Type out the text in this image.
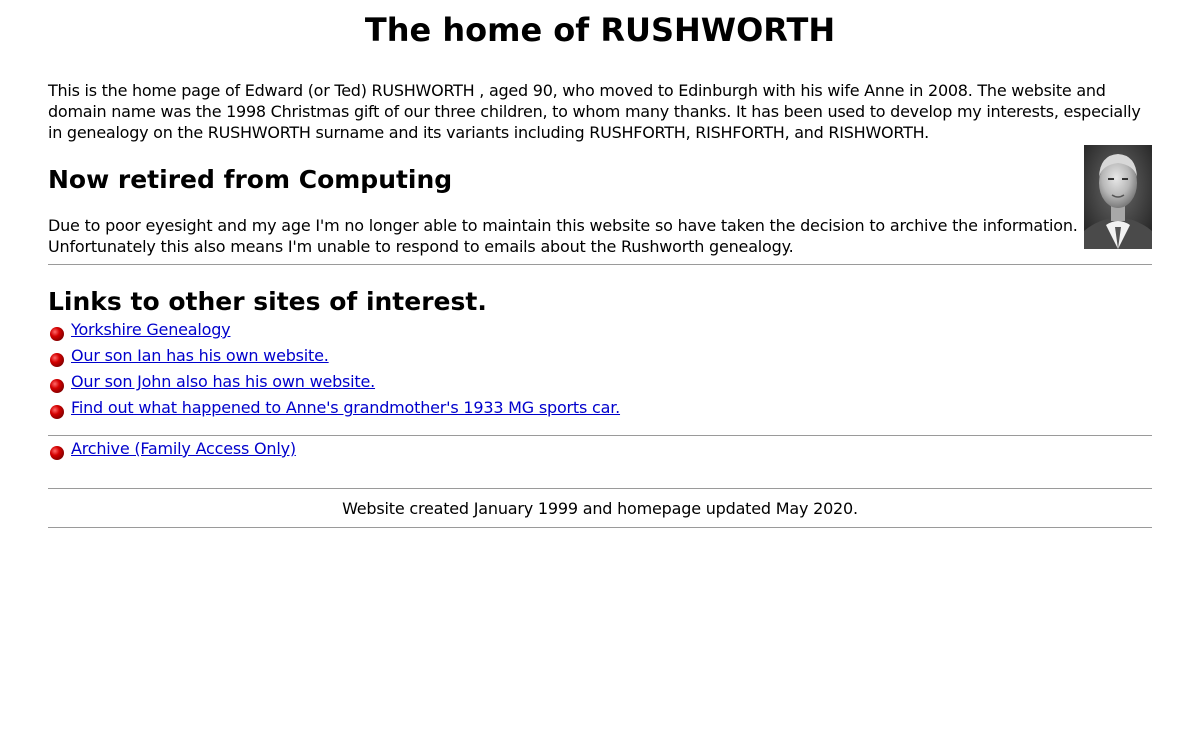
The home of RUSHWORTH

This is the home page of Edward (or Ted) RUSHWORTH , aged 90, who moved to Edinburgh with his wife Anne in 2008. The website and domain name was the 1998 Christmas gift of our three children, to whom many thanks. It has been used to develop my interests, especially in genealogy on the RUSHWORTH surname and its variants including RUSHFORTH, RISHFORTH, and RISHWORTH.

Now retired from Computing

Due to poor eyesight and my age I'm no longer able to maintain this website so have taken the decision to archive the information. Unfortunately this also means I'm unable to respond to emails about the Rushworth genealogy.

Links to other sites of interest.
Yorkshire Genealogy
Our son Ian has his own website.
Our son John also has his own website.
Find out what happened to Anne's grandmother's 1933 MG sports car.
Archive (Family Access Only)
Website created January 1999 and homepage updated May 2020.
